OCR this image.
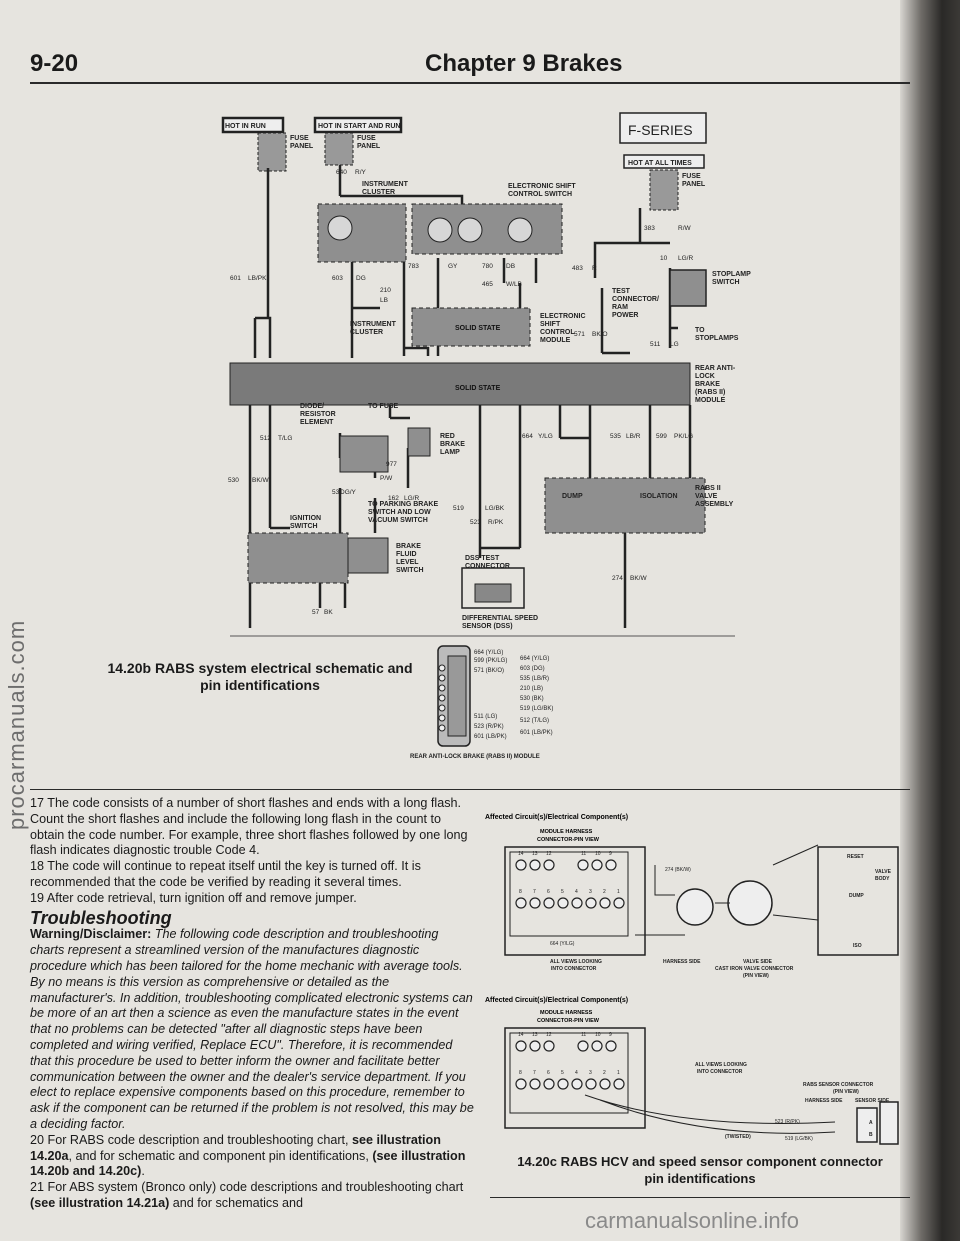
9-20	Chapter 9 Brakes
procarmanuals.com
HOT IN RUN	HOT IN START AND RUN	F-SERIES
HOT AT ALL TIMES
FUSE
PANEL
FUSE
PANEL
FUSE
PANEL
INSTRUMENT
CLUSTER
ELECTRONIC SHIFT
CONTROL SWITCH
STOPLAMP
SWITCH
TEST
CONNECTOR/
RAM
POWER
ELECTRONIC
SHIFT
CONTROL
MODULE
TO
STOPLAMPS
INSTRUMENT
CLUSTER
SOLID STATE
SOLID STATE
REAR ANTI-
LOCK
BRAKE
(RABS II)
MODULE
DIODE/
RESISTOR
ELEMENT
TO FUSE
RED
BRAKE
LAMP
TO PARKING BRAKE
SWITCH AND LOW
VACUUM SWITCH
IGNITION
SWITCH
BRAKE
FLUID
LEVEL
SWITCH
DSS TEST
CONNECTOR
DIFFERENTIAL SPEED
SENSOR (DSS)
RABS II
VALVE
ASSEMBLY
DUMP	ISOLATION
601 LB/PK	603 DG
640 R/Y
783	GY	780 DB
465 W/LB
483 R
383	R/W
10 LG/R
571 BK/O
511 LG
210
LB
664 Y/LG	535 LB/R 599 PK/LG
512 T/LG
530 BK/W
977
P/W
531
DG/Y
162 LG/R
519	LG/BK
523 R/PK
274 BK/W
57 BK
14.20b RABS system electrical schematic and
pin identifications
664 (Y/LG)
599 (PK/LG)
571 (BK/O)
511 (LG)
523 (R/PK)
601 (LB/PK)
664 (Y/LG)
603 (DG)
535 (LB/R)
210 (LB)
530 (BK)
519 (LG/BK)
512 (T/LG)
601 (LB/PK)
REAR ANTI-LOCK BRAKE (RABS II) MODULE

17 The code consists of a number of short flashes and ends with a long flash. Count the short flashes and include the following long flash in the count to obtain the code number. For example, three short flashes followed by one long flash indicates diagnostic trouble Code 4.

18 The code will continue to repeat itself until the key is turned off. It is recommended that the code be verified by reading it several times.

19 After code retrieval, turn ignition off and remove jumper.

Troubleshooting

Warning/Disclaimer: The following code description and troubleshooting charts represent a streamlined version of the manufactures diagnostic procedure which has been tailored for the home mechanic with average tools. By no means is this version as comprehensive or detailed as the manufacturer's. In addition, troubleshooting complicated electronic systems can be more of an art then a science as even the manufacture states in the event that no problems can be detected "after all diagnostic steps have been completed and wiring verified, Replace ECU". Therefore, it is recommended that this procedure be used to better inform the owner and facilitate better communication between the owner and the dealer's service department. If you elect to replace expensive components based on this procedure, remember to ask if the component can be returned if the problem is not resolved, this may be a deciding factor.

20 For RABS code description and troubleshooting chart, see illustration 14.20a, and for schematic and component pin identifications, (see illustration 14.20b and 14.20c).

21 For ABS system (Bronco only) code descriptions and troubleshooting chart (see illustration 14.21a) and for schematics and

Affected Circuit(s)/Electrical Component(s)
MODULE HARNESS
CONNECTOR-PIN VIEW
14 13 12	11 10 9
8 7 6 5 4 3 2 1
274 (BK/W)
664 (Y/LG)
ALL VIEWS LOOKING
INTO CONNECTOR
HARNESS SIDE	VALVE SIDE
CAST IRON VALVE CONNECTOR
(PIN VIEW)
RESET
VALVE
BODY
DUMP
ISO
Affected Circuit(s)/Electrical Component(s)
MODULE HARNESS
CONNECTOR-PIN VIEW
14 13 12	11 10 9
8 7 6 5 4 3 2 1
523 (R/PK)
519 (LG/BK)
ALL VIEWS LOOKING
INTO CONNECTOR
RABS SENSOR CONNECTOR
(PIN VIEW)
HARNESS SIDE SENSOR SIDE
(TWISTED)
A
B
14.20c RABS HCV and speed sensor component connector
pin identifications
carmanualsonline.info
